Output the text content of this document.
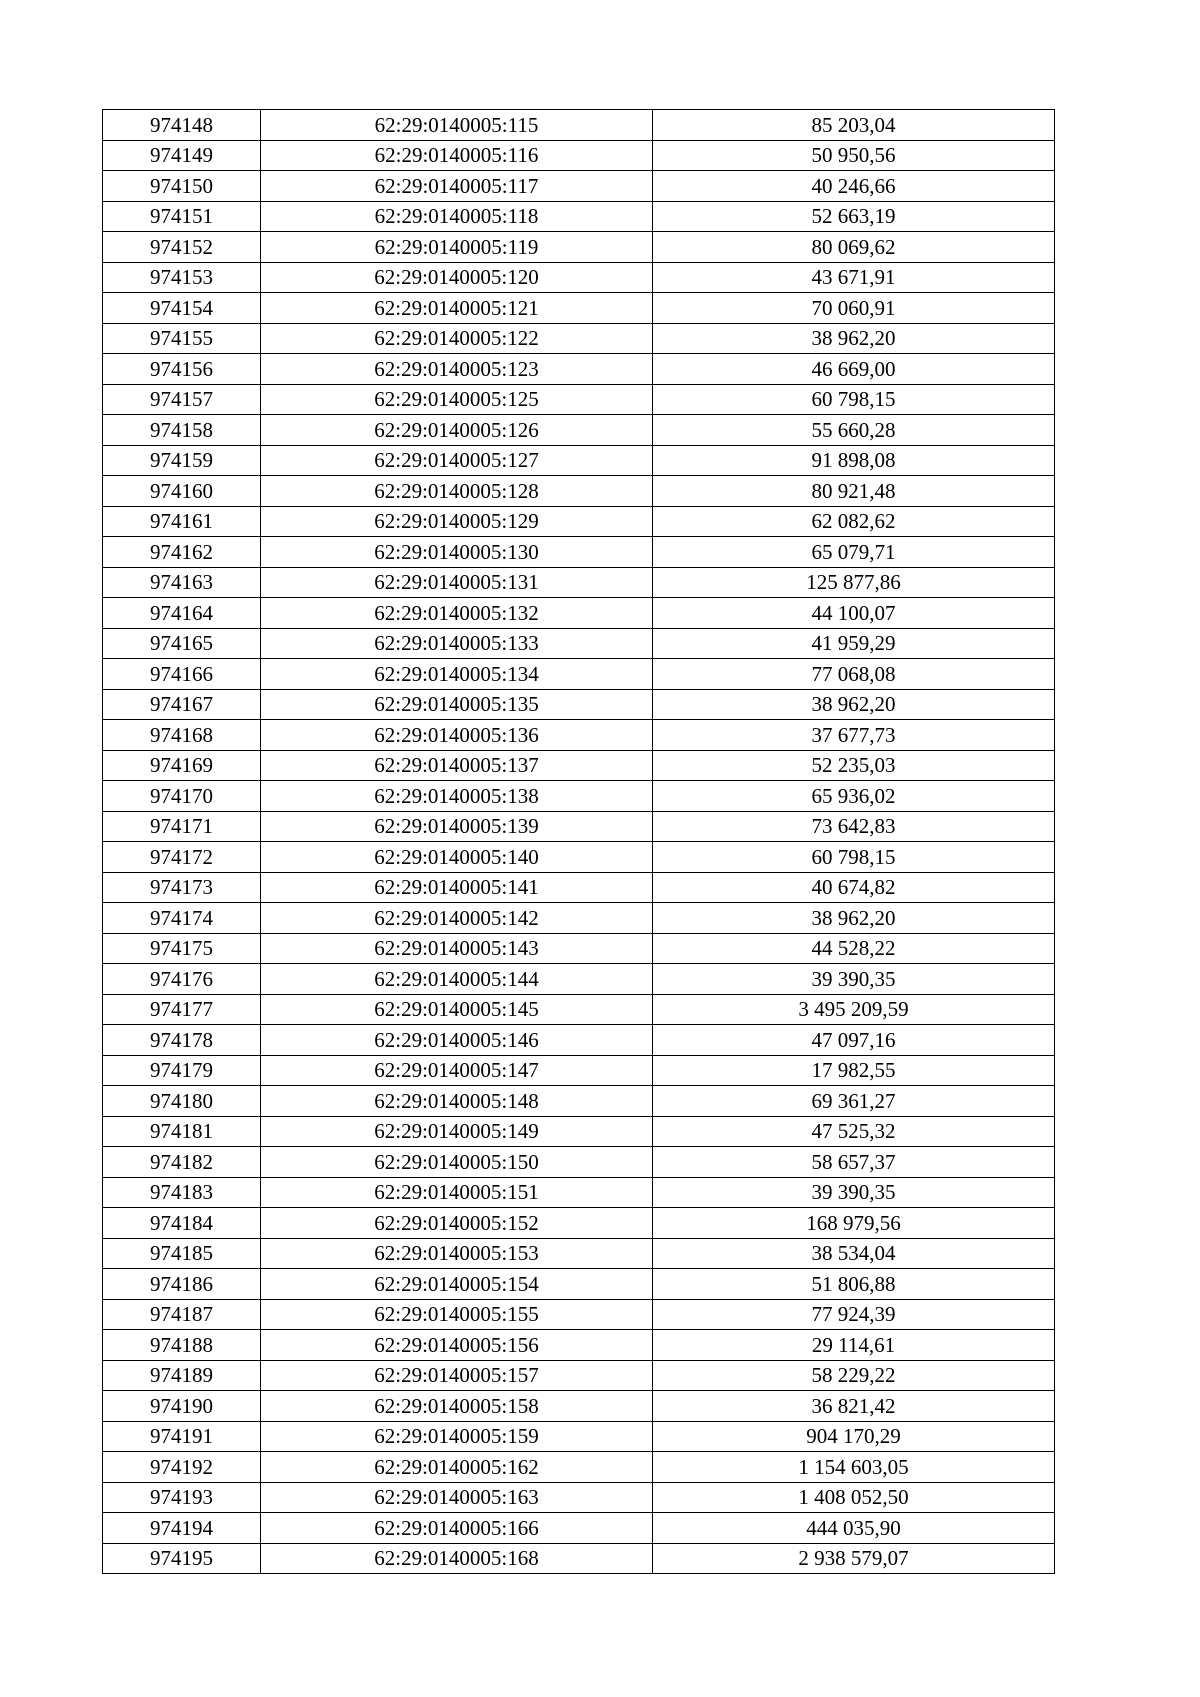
974148	62:29:0140005:115	85 203,04
974149	62:29:0140005:116	50 950,56
974150	62:29:0140005:117	40 246,66
974151	62:29:0140005:118	52 663,19
974152	62:29:0140005:119	80 069,62
974153	62:29:0140005:120	43 671,91
974154	62:29:0140005:121	70 060,91
974155	62:29:0140005:122	38 962,20
974156	62:29:0140005:123	46 669,00
974157	62:29:0140005:125	60 798,15
974158	62:29:0140005:126	55 660,28
974159	62:29:0140005:127	91 898,08
974160	62:29:0140005:128	80 921,48
974161	62:29:0140005:129	62 082,62
974162	62:29:0140005:130	65 079,71
974163	62:29:0140005:131	125 877,86
974164	62:29:0140005:132	44 100,07
974165	62:29:0140005:133	41 959,29
974166	62:29:0140005:134	77 068,08
974167	62:29:0140005:135	38 962,20
974168	62:29:0140005:136	37 677,73
974169	62:29:0140005:137	52 235,03
974170	62:29:0140005:138	65 936,02
974171	62:29:0140005:139	73 642,83
974172	62:29:0140005:140	60 798,15
974173	62:29:0140005:141	40 674,82
974174	62:29:0140005:142	38 962,20
974175	62:29:0140005:143	44 528,22
974176	62:29:0140005:144	39 390,35
974177	62:29:0140005:145	3 495 209,59
974178	62:29:0140005:146	47 097,16
974179	62:29:0140005:147	17 982,55
974180	62:29:0140005:148	69 361,27
974181	62:29:0140005:149	47 525,32
974182	62:29:0140005:150	58 657,37
974183	62:29:0140005:151	39 390,35
974184	62:29:0140005:152	168 979,56
974185	62:29:0140005:153	38 534,04
974186	62:29:0140005:154	51 806,88
974187	62:29:0140005:155	77 924,39
974188	62:29:0140005:156	29 114,61
974189	62:29:0140005:157	58 229,22
974190	62:29:0140005:158	36 821,42
974191	62:29:0140005:159	904 170,29
974192	62:29:0140005:162	1 154 603,05
974193	62:29:0140005:163	1 408 052,50
974194	62:29:0140005:166	444 035,90
974195	62:29:0140005:168	2 938 579,07
